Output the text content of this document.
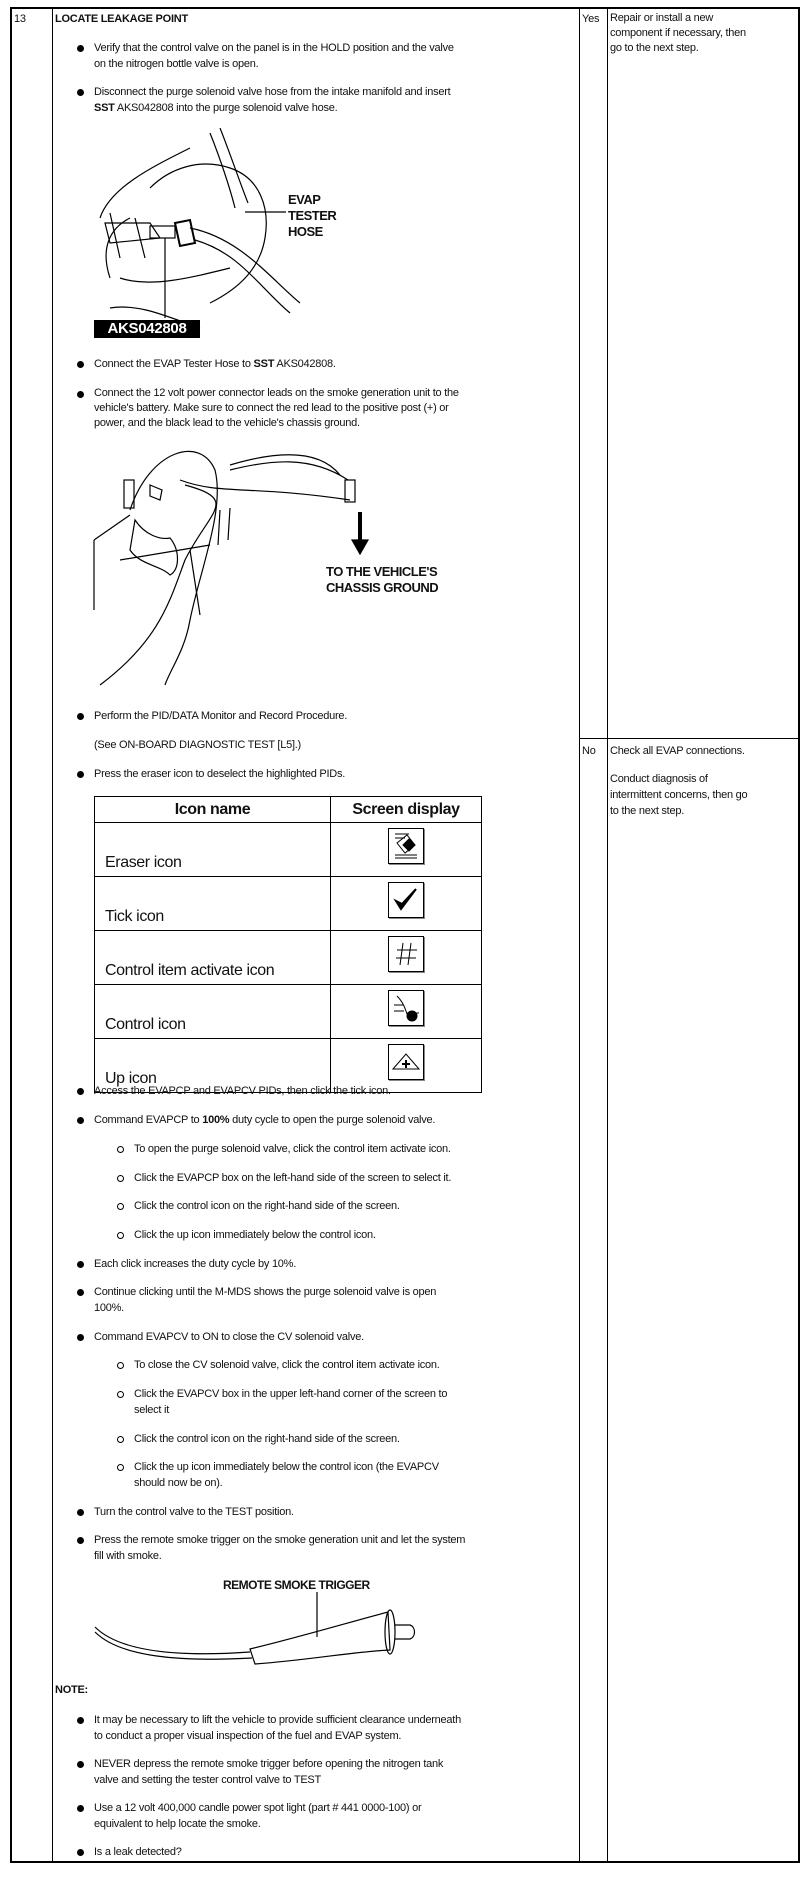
13	LOCATE LEAKAGE POINT
Verify that the control valve on the panel is in the HOLD position and the valve
on the nitrogen bottle valve is open.
Disconnect the purge solenoid valve hose from the intake manifold and insert
SST AKS042808 into the purge solenoid valve hose.
EVAP
TESTER
HOSE
AKS042808
Connect the EVAP Tester Hose to SST AKS042808.
Connect the 12 volt power connector leads on the smoke generation unit to the
vehicle's battery. Make sure to connect the red lead to the positive post (+) or
power, and the black lead to the vehicle's chassis ground.
TO THE VEHICLE'S
CHASSIS GROUND
Perform the PID/DATA Monitor and Record Procedure.
(See ON-BOARD DIAGNOSTIC TEST [L5].)
Press the eraser icon to deselect the highlighted PIDs.
Icon name	Screen display
Eraser icon	
Tick icon	
Control item activate icon	
Control icon	
Up icon	
Access the EVAPCP and EVAPCV PIDs, then click the tick icon.
Command EVAPCP to 100% duty cycle to open the purge solenoid valve.
To open the purge solenoid valve, click the control item activate icon.
Click the EVAPCP box on the left-hand side of the screen to select it.
Click the control icon on the right-hand side of the screen.
Click the up icon immediately below the control icon.
Each click increases the duty cycle by 10%.
Continue clicking until the M-MDS shows the purge solenoid valve is open
100%.
Command EVAPCV to ON to close the CV solenoid valve.
To close the CV solenoid valve, click the control item activate icon.
Click the EVAPCV box in the upper left-hand corner of the screen to
select it
Click the control icon on the right-hand side of the screen.
Click the up icon immediately below the control icon (the EVAPCV
should now be on).
Turn the control valve to the TEST position.
Press the remote smoke trigger on the smoke generation unit and let the system
fill with smoke.
REMOTE SMOKE TRIGGER
NOTE:
It may be necessary to lift the vehicle to provide sufficient clearance underneath
to conduct a proper visual inspection of the fuel and EVAP system.
NEVER depress the remote smoke trigger before opening the nitrogen tank
valve and setting the tester control valve to TEST
Use a 12 volt 400,000 candle power spot light (part # 441 0000-100) or
equivalent to help locate the smoke.
Is a leak detected?
Yes Repair or install a new
component if necessary, then
go to the next step.
No Check all EVAP connections.
Conduct diagnosis of
intermittent concerns, then go
to the next step.
